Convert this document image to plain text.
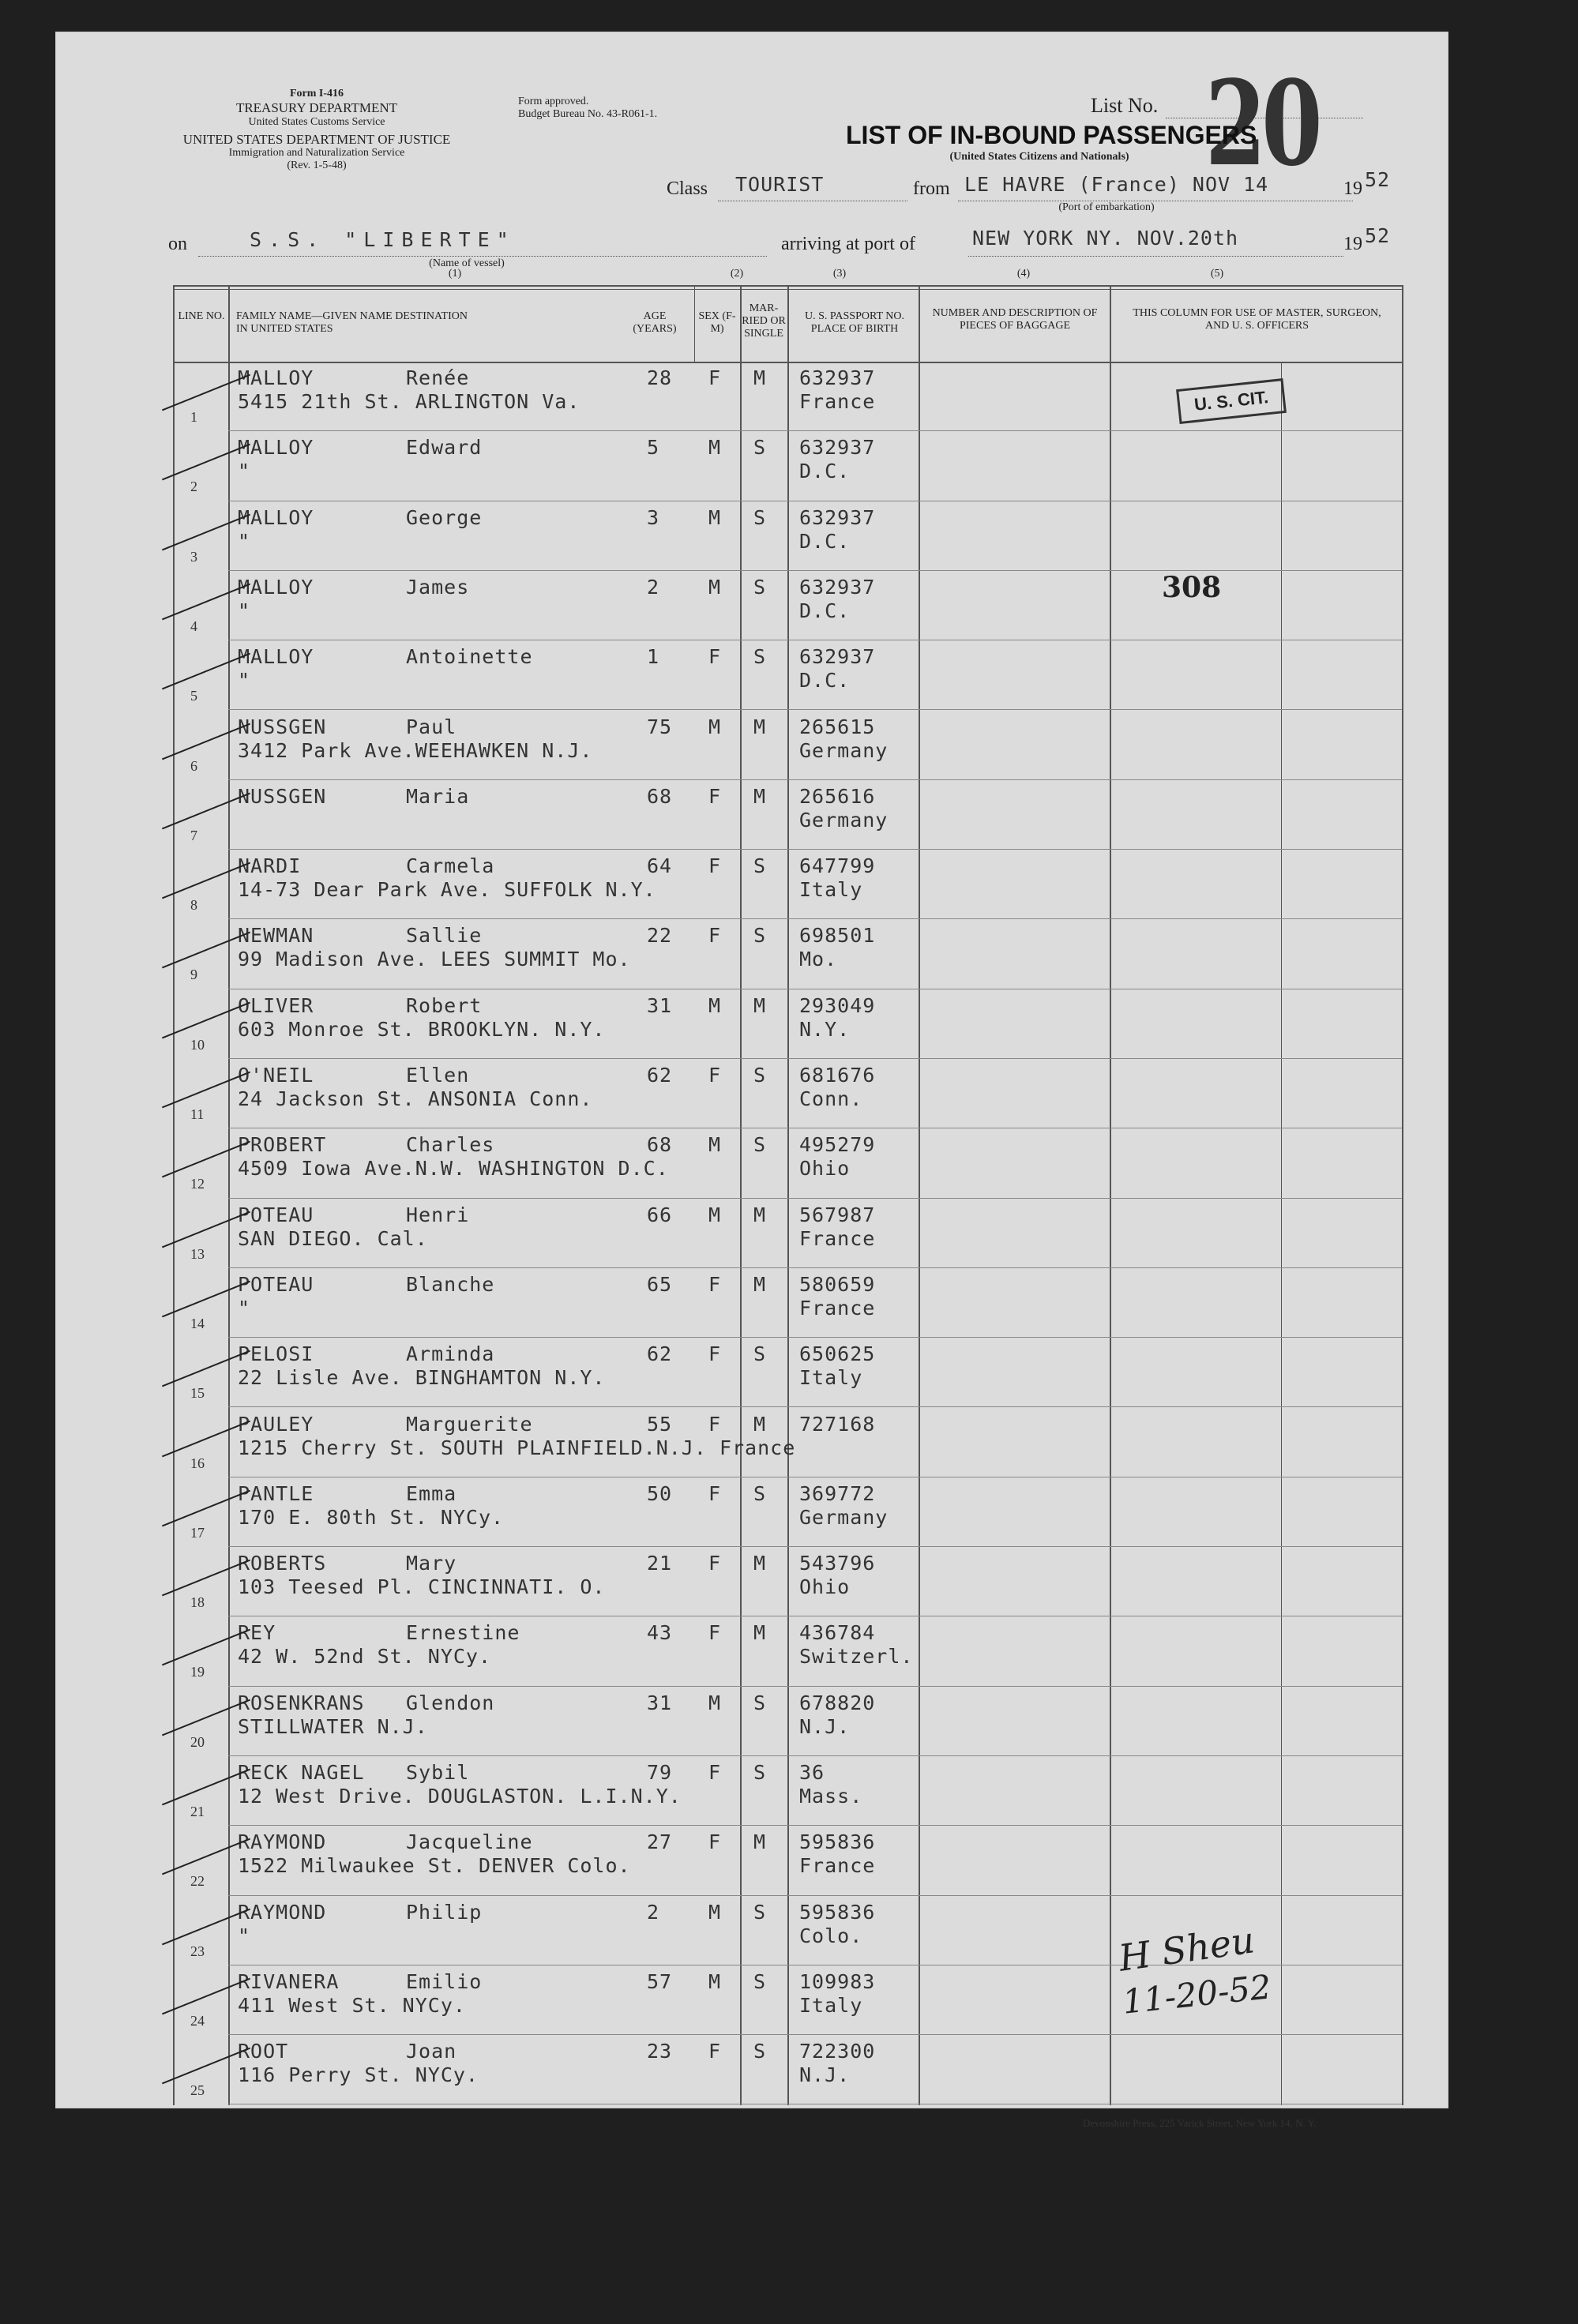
Form I-416
TREASURY DEPARTMENT
United States Customs Service
UNITED STATES DEPARTMENT OF JUSTICE
Immigration and Naturalization Service
(Rev. 1-5-48)
Form approved.
Budget Bureau No. 43-R061-1.	List No. 20
LIST OF IN-BOUND PASSENGERS
(United States Citizens and Nationals)
Class TOURIST	from LE HAVRE (France) NOV 14
(Port of embarkation)
19 52
on	S.S. "LIBERTE"
(Name of vessel)
arriving at port of	NEW YORK NY. NOV.20th	19 52
(1)	(2)	(3)	(4)	(5)
LINE NO. FAMILY NAME—GIVEN NAME DESTINATION IN UNITED STATES
AGE (YEARS)
SEX (F-M)
MAR-RIED OR SINGLE
U. S. PASSPORT NO. PLACE OF BIRTH
NUMBER AND DESCRIPTION OF PIECES OF BAGGAGE
THIS COLUMN FOR USE OF MASTER, SURGEON, AND U. S. OFFICERS
1
MALLOY	Renée	28 F M 632937
5415 21th St. ARLINGTON Va.	France
2
MALLOY	Edward	5 M S 632937
"	D.C.
3
MALLOY	George	3 M S 632937
"	D.C.
4
MALLOY	James	2 M S 632937
"	D.C.
5
MALLOY	Antoinette	1 F S 632937
"	D.C.
6
NUSSGEN	Paul	75 M M 265615
3412 Park Ave.WEEHAWKEN N.J.	Germany
7
NUSSGEN	Maria	68 F M 265616
Germany
8
NARDI	Carmela	64 F S 647799
14-73 Dear Park Ave. SUFFOLK N.Y.	Italy
9
NEWMAN	Sallie	22 F S 698501
99 Madison Ave. LEES SUMMIT Mo.	Mo.
10
OLIVER	Robert	31 M M 293049
603 Monroe St. BROOKLYN. N.Y.	N.Y.
11
O'NEIL	Ellen	62 F S 681676
24 Jackson St. ANSONIA Conn.	Conn.
12
PROBERT	Charles	68 M S 495279
4509 Iowa Ave.N.W. WASHINGTON D.C.	Ohio
13
POTEAU	Henri	66 M M 567987
SAN DIEGO. Cal.	France
14
POTEAU	Blanche	65 F M 580659
"	France
15
PELOSI	Arminda	62 F S 650625
22 Lisle Ave. BINGHAMTON N.Y.	Italy
16
PAULEY	Marguerite	55 F M 727168
1215 Cherry St. SOUTH PLAINFIELD.N.J. France
17
PANTLE	Emma	50 F S 369772
170 E. 80th St. NYCy.	Germany
18
ROBERTS	Mary	21 F M 543796
103 Teesed Pl. CINCINNATI. O.	Ohio
19
REY	Ernestine	43 F M 436784
42 W. 52nd St. NYCy.	Switzerl.
20
ROSENKRANS Glendon	31 M S 678820
STILLWATER N.J.	N.J.
21
RECK NAGEL Sybil	79 F S 36
12 West Drive. DOUGLASTON. L.I.N.Y.	Mass.
22
RAYMOND	Jacqueline	27 F M 595836
1522 Milwaukee St. DENVER Colo.	France
23
RAYMOND	Philip	2 M S 595836
"	Colo.
24
RIVANERA	Emilio	57 M S 109983
411 West St. NYCy.	Italy
25
ROOT	Joan	23 F S 722300
116 Perry St. NYCy.	N.J.
U. S. CIT.
308
H Sheu
11-20-52
Devonshire Press, 225 Varick Street, New York 14, N. Y.
